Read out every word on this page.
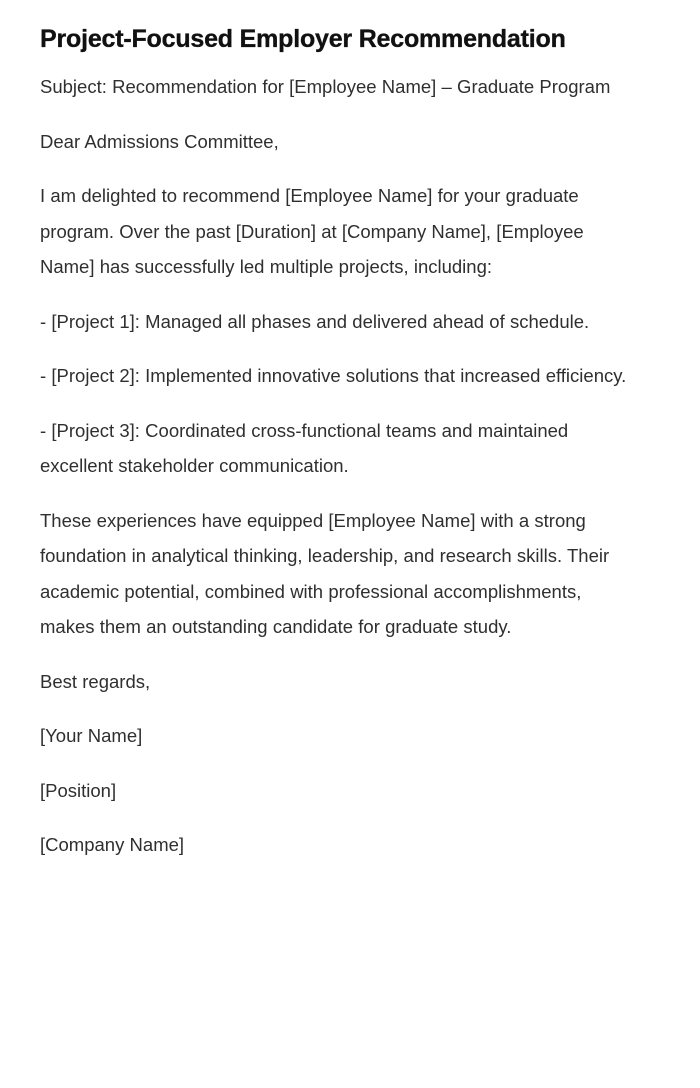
Project-Focused Employer Recommendation

Subject: Recommendation for [Employee Name] – Graduate Program

Dear Admissions Committee,

I am delighted to recommend [Employee Name] for your graduate program. Over the past [Duration] at [Company Name], [Employee Name] has successfully led multiple projects, including:

- [Project 1]: Managed all phases and delivered ahead of schedule.

- [Project 2]: Implemented innovative solutions that increased efficiency.

- [Project 3]: Coordinated cross-functional teams and maintained excellent stakeholder communication.

These experiences have equipped [Employee Name] with a strong foundation in analytical thinking, leadership, and research skills. Their academic potential, combined with professional accomplishments, makes them an outstanding candidate for graduate study.

Best regards,

[Your Name]

[Position]

[Company Name]
